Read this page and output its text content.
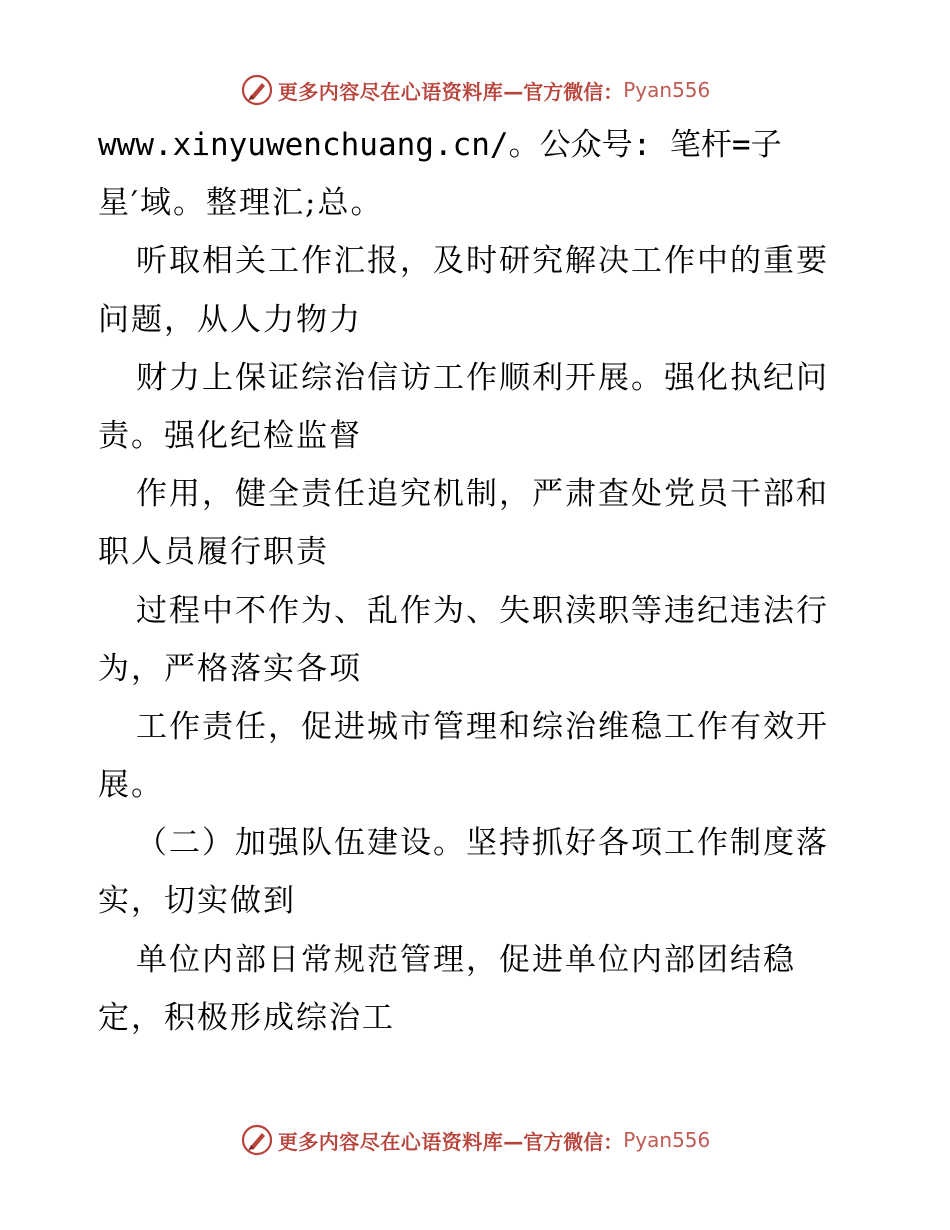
更多内容尽在心语资料库 —官方微信： Pyan556
www.xinyuwenchuang.cn/。公众号: 笔杆=子
星′域。整理汇;总。
听取相关工作汇报，及时研究解决工作中的重要
问题，从人力物力
财力上保证综治信访工作顺利开展。强化执纪问
责。强化纪检监督
作用，健全责任追究机制，严肃查处党员干部和
职人员履行职责
过程中不作为、乱作为、失职渎职等违纪违法行
为，严格落实各项
工作责任，促进城市管理和综治维稳工作有效开
展。
（二）加强队伍建设。坚持抓好各项工作制度落
实，切实做到
单位内部日常规范管理，促进单位内部团结稳
定，积极形成综治工
更多内容尽在心语资料库 —官方微信： Pyan556
